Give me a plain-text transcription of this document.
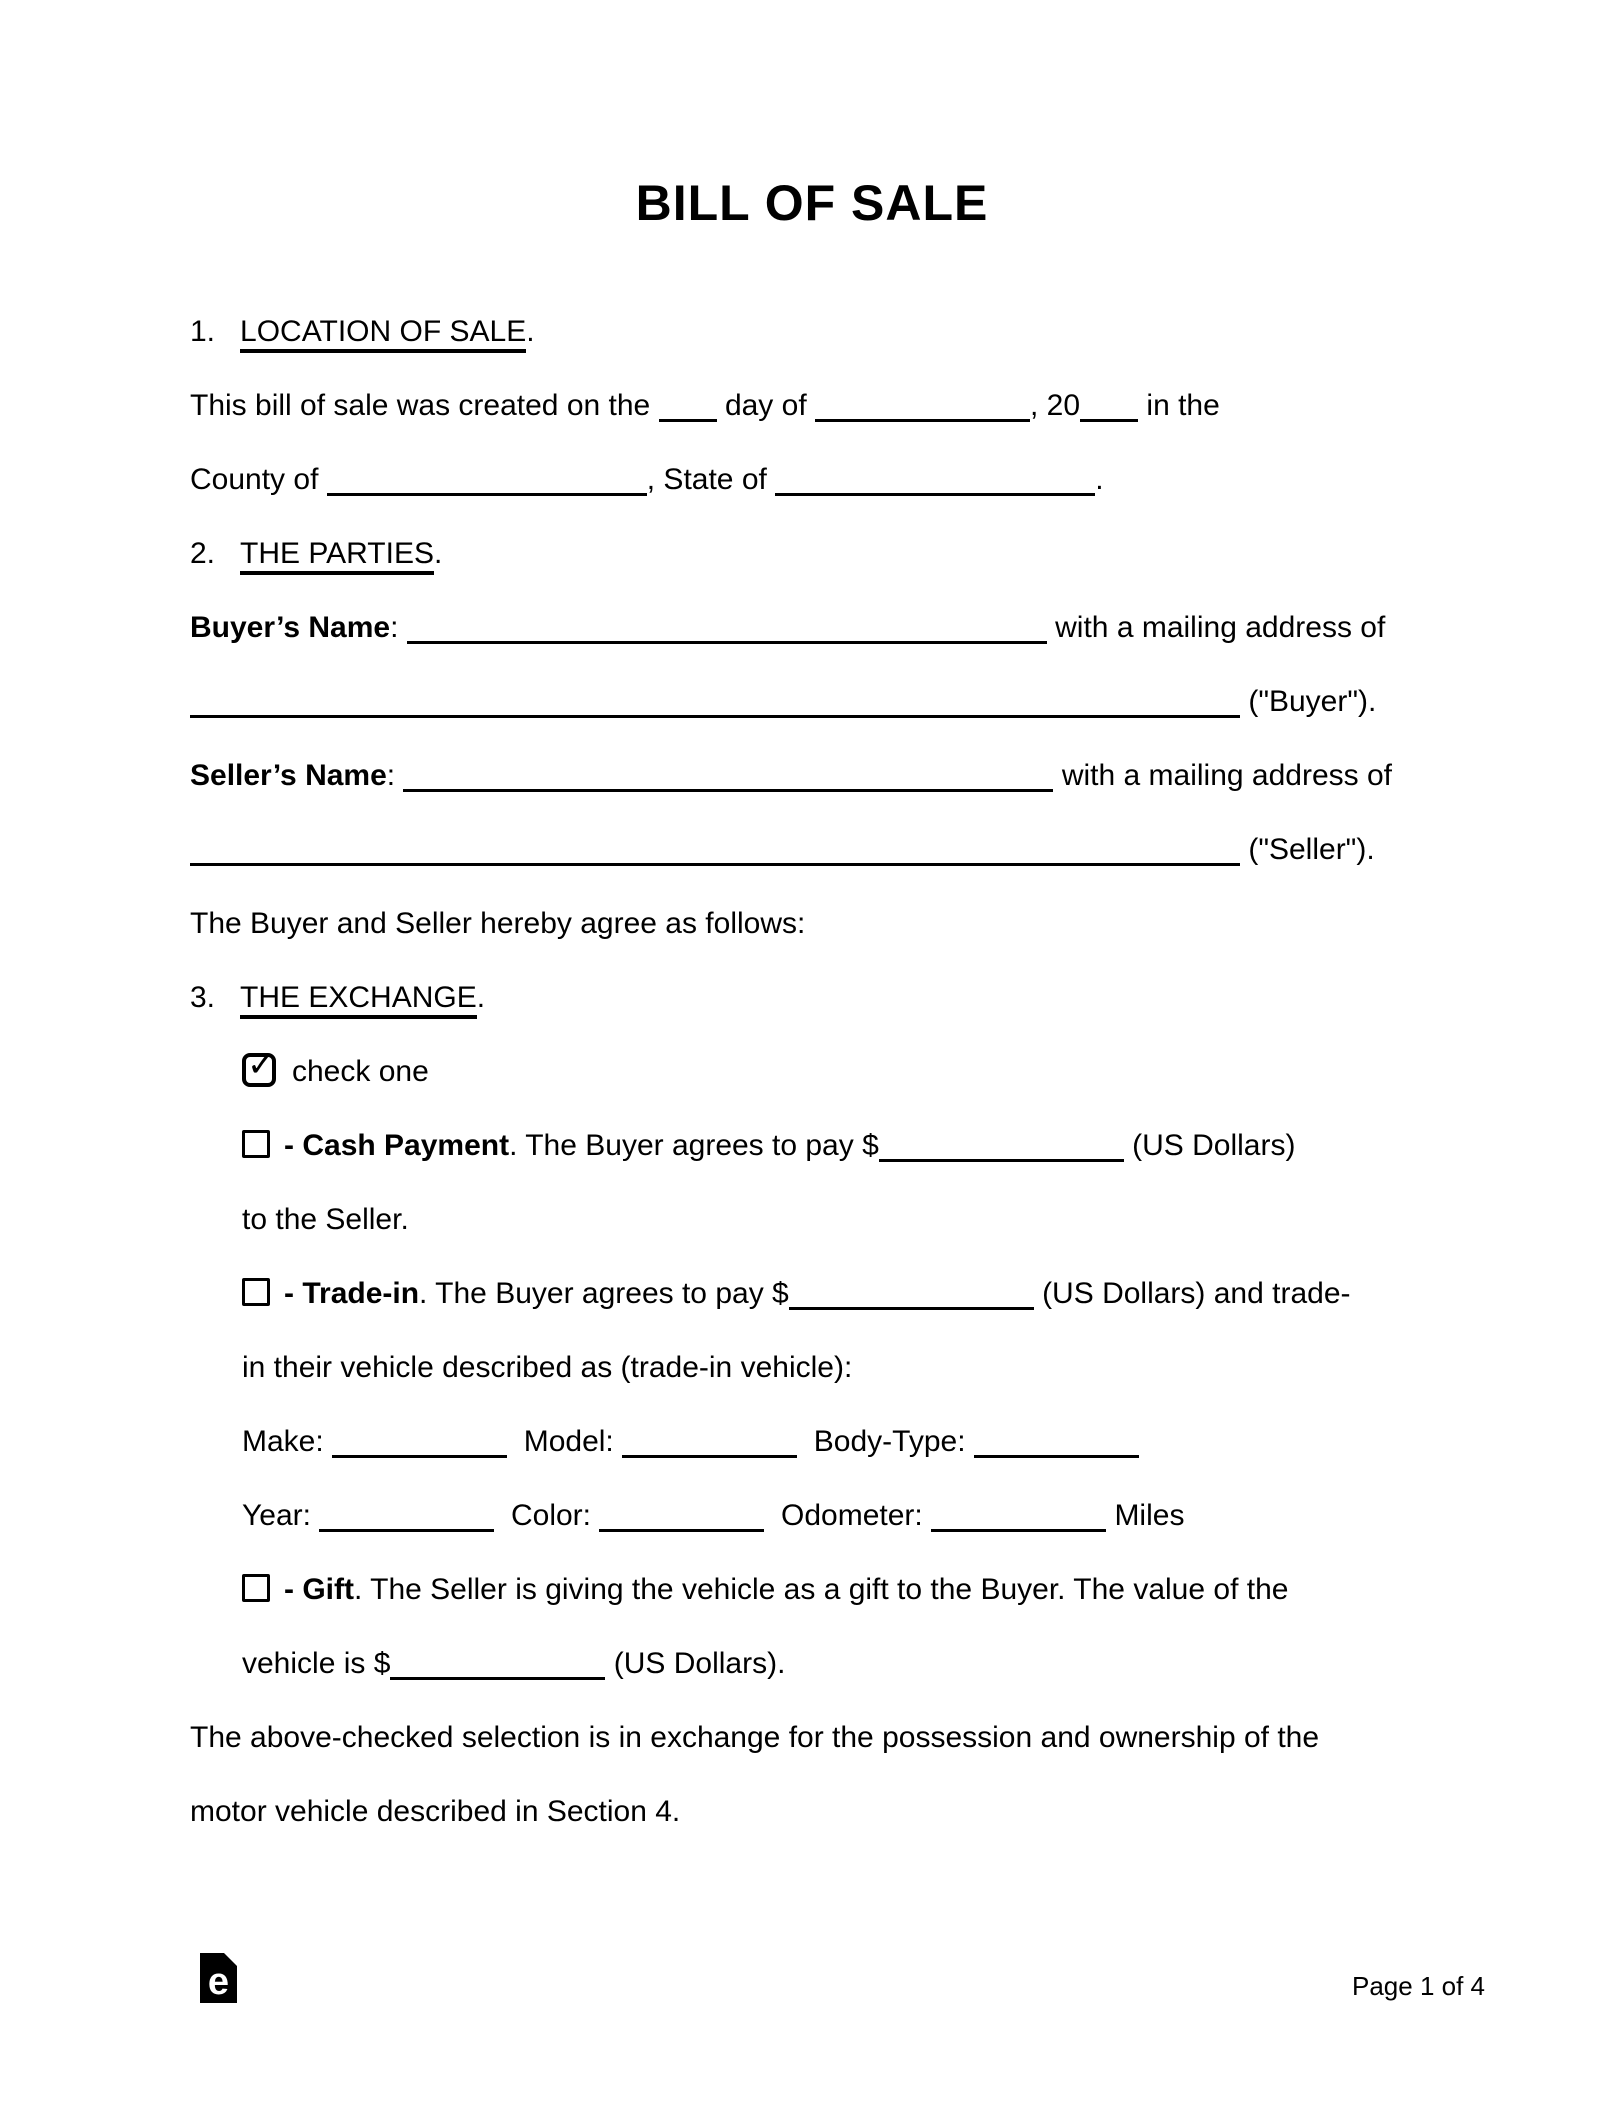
BILL OF SALE
1. LOCATION OF SALE.
This bill of sale was created on the day of	, 20 in the
County of	, State of	.
2. THE PARTIES.
Buyer’s Name:	with a mailing address of
("Buyer").
Seller’s Name:	with a mailing address of
("Seller").
The Buyer and Seller hereby agree as follows:
3. THE EXCHANGE.
✓ check one
- Cash Payment. The Buyer agrees to pay $	(US Dollars)
to the Seller.
- Trade-in. The Buyer agrees to pay $	(US Dollars) and trade-
in their vehicle described as (trade-in vehicle):
Make:	Model:	Body-Type:
Year:	Color:	Odometer:	Miles
- Gift. The Seller is giving the vehicle as a gift to the Buyer. The value of the
vehicle is $	(US Dollars).
The above-checked selection is in exchange for the possession and ownership of the
motor vehicle described in Section 4.
e	Page 1 of 4
